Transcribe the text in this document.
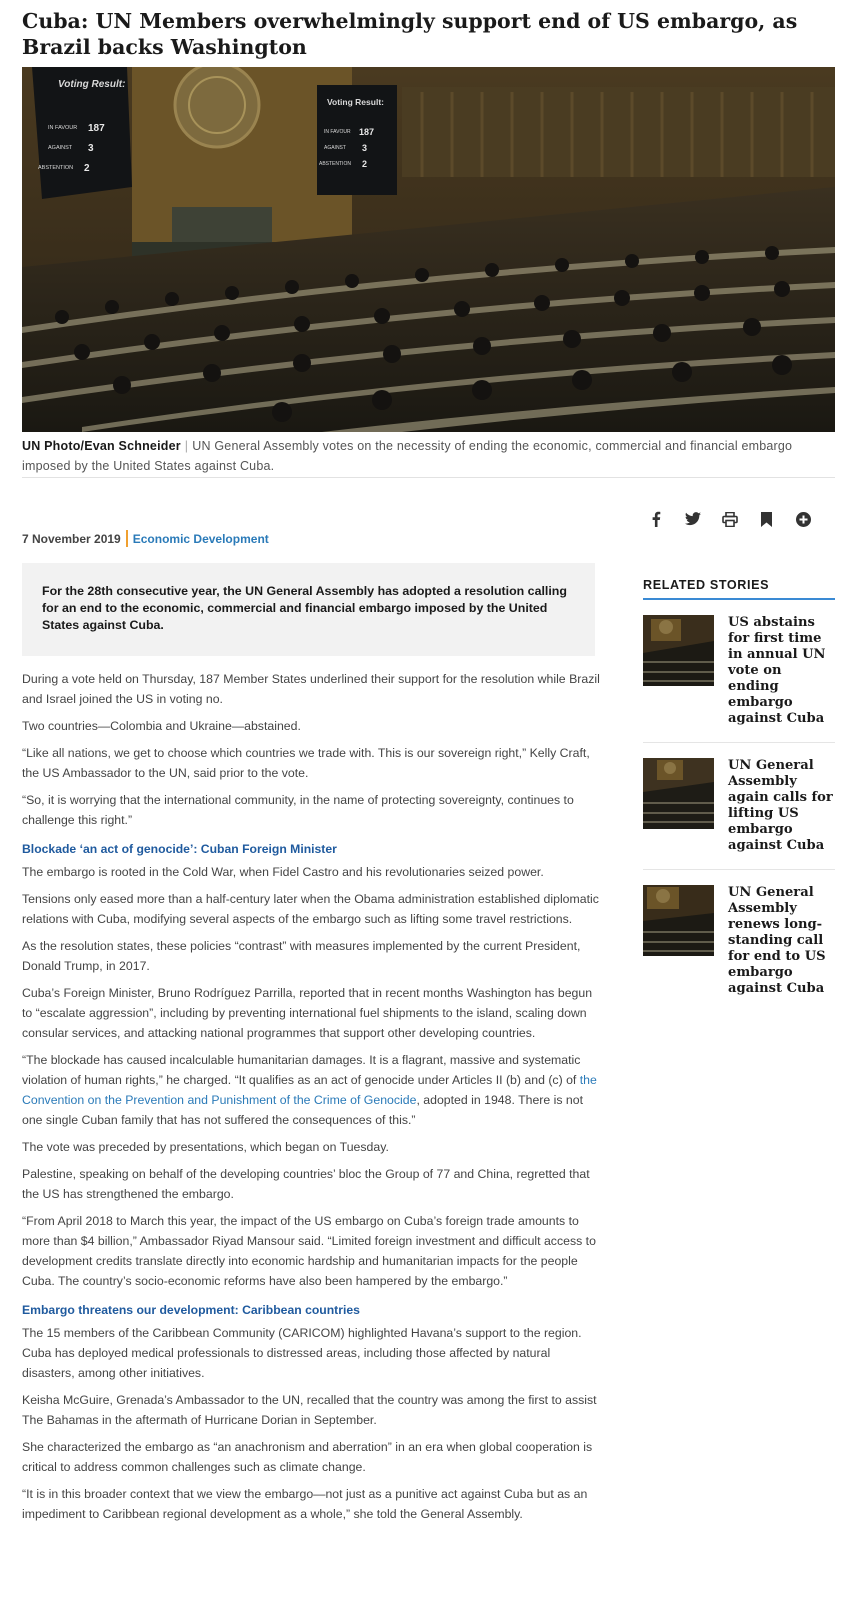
Cuba: UN Members overwhelmingly support end of US embargo, as Brazil backs Washington
Voting Result:
IN FAVOUR 187
AGAINST 3
ABSTENTION 2
Voting Result:
IN FAVOUR 187
AGAINST 3
ABSTENTION 2
UN Photo/Evan Schneider | UN General Assembly votes on the necessity of ending the economic, commercial and financial embargo imposed by the United States against Cuba.
7 November 2019 Economic Development

For the 28th consecutive year, the UN General Assembly has adopted a resolution calling for an end to the economic, commercial and financial embargo imposed by the United States against Cuba.

During a vote held on Thursday, 187 Member States underlined their support for the resolution while Brazil and Israel joined the US in voting no.

Two countries—Colombia and Ukraine—abstained.

“Like all nations, we get to choose which countries we trade with. This is our sovereign right,” Kelly Craft, the US Ambassador to the UN, said prior to the vote.

“So, it is worrying that the international community, in the name of protecting sovereignty, continues to challenge this right.”

Blockade ‘an act of genocide’: Cuban Foreign Minister

The embargo is rooted in the Cold War, when Fidel Castro and his revolutionaries seized power.

Tensions only eased more than a half-century later when the Obama administration established diplomatic relations with Cuba, modifying several aspects of the embargo such as lifting some travel restrictions.

As the resolution states, these policies “contrast” with measures implemented by the current President, Donald Trump, in 2017.

Cuba’s Foreign Minister, Bruno Rodríguez Parrilla, reported that in recent months Washington has begun to “escalate aggression”, including by preventing international fuel shipments to the island, scaling down consular services, and attacking national programmes that support other developing countries.

“The blockade has caused incalculable humanitarian damages. It is a flagrant, massive and systematic violation of human rights,” he charged. “It qualifies as an act of genocide under Articles II (b) and (c) of the Convention on the Prevention and Punishment of the Crime of Genocide, adopted in 1948. There is not one single Cuban family that has not suffered the consequences of this.”

The vote was preceded by presentations, which began on Tuesday.

Palestine, speaking on behalf of the developing countries’ bloc the Group of 77 and China, regretted that the US has strengthened the embargo.

“From April 2018 to March this year, the impact of the US embargo on Cuba’s foreign trade amounts to more than $4 billion,” Ambassador Riyad Mansour said. “Limited foreign investment and difficult access to development credits translate directly into economic hardship and humanitarian impacts for the people Cuba. The country’s socio-economic reforms have also been hampered by the embargo.”

Embargo threatens our development: Caribbean countries

The 15 members of the Caribbean Community (CARICOM) highlighted Havana’s support to the region. Cuba has deployed medical professionals to distressed areas, including those affected by natural disasters, among other initiatives.

Keisha McGuire, Grenada’s Ambassador to the UN, recalled that the country was among the first to assist The Bahamas in the aftermath of Hurricane Dorian in September.

She characterized the embargo as “an anachronism and aberration” in an era when global cooperation is critical to address common challenges such as climate change.

“It is in this broader context that we view the embargo—not just as a punitive act against Cuba but as an impediment to Caribbean regional development as a whole,” she told the General Assembly.

RELATED STORIES
US abstains for first time in annual UN vote on ending embargo against Cuba
UN General Assembly again calls for lifting US embargo against Cuba
UN General Assembly renews long-standing call for end to US embargo against Cuba
